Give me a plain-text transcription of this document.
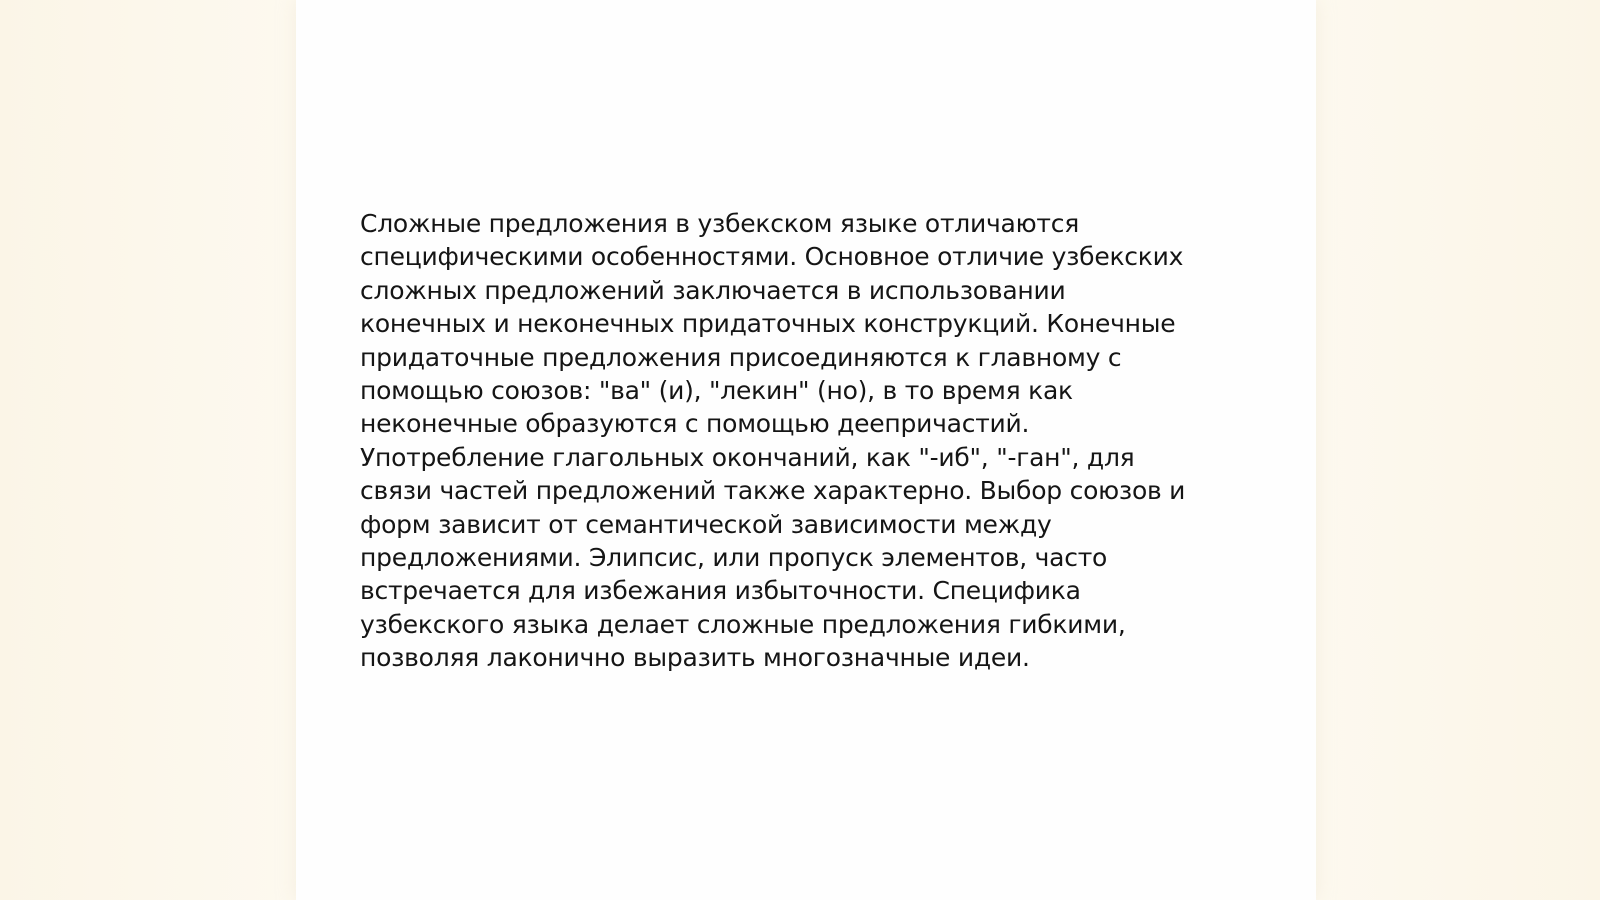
Сложные предложения в узбекском языке отличаются
специфическими особенностями. Основное отличие узбекских
сложных предложений заключается в использовании
конечных и неконечных придаточных конструкций. Конечные
придаточные предложения присоединяются к главному с
помощью союзов: "ва" (и), "лекин" (но), в то время как
неконечные образуются с помощью деепричастий.
Употребление глагольных окончаний, как "-иб", "-ган", для
связи частей предложений также характерно. Выбор союзов и
форм зависит от семантической зависимости между
предложениями. Элипсис, или пропуск элементов, часто
встречается для избежания избыточности. Специфика
узбекского языка делает сложные предложения гибкими,
позволяя лаконично выразить многозначные идеи.
